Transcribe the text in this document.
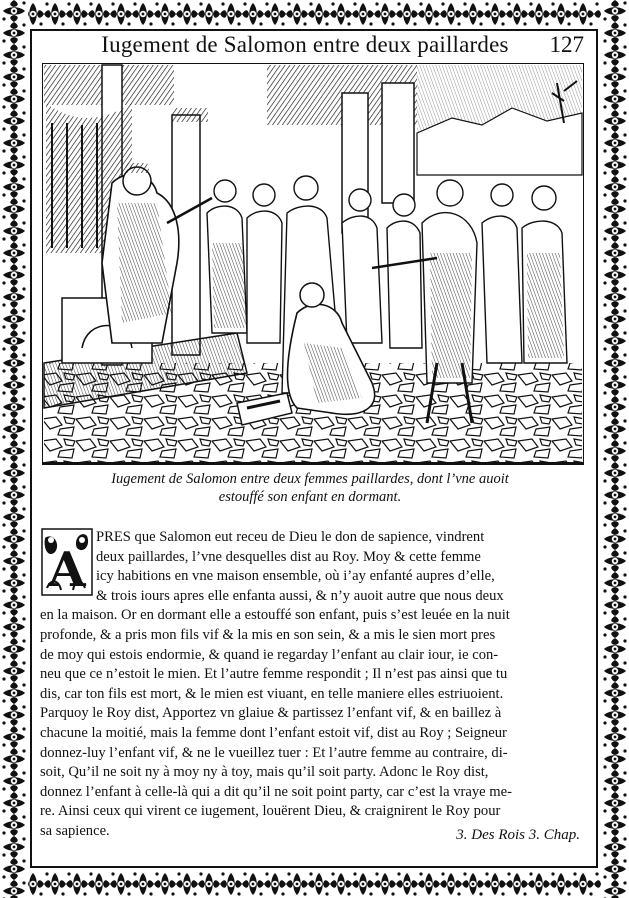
Iugement de Salomon entre deux paillardes	127
Iugement de Salomon entre deux femmes paillardes, dont l’vne auoit
estouffé son enfant en dormant.
A
PRES que Salomon eut receu de Dieu le don de sapience, vindrent
deux paillardes, l’vne desquelles dist au Roy. Moy & cette femme
icy habitions en vne maison ensemble, où i’ay enfanté aupres d’elle,
& trois iours apres elle enfanta aussi, & n’y auoit autre que nous deux
en la maison. Or en dormant elle a estouffé son enfant, puis s’est leuée en la nuit
profonde, & a pris mon fils vif & la mis en son sein, & a mis le sien mort pres
de moy qui estois endormie, & quand ie regarday l’enfant au clair iour, ie con-
neu que ce n’estoit le mien. Et l’autre femme respondit ; Il n’est pas ainsi que tu
dis, car ton fils est mort, & le mien est viuant, en telle maniere elles estriuoient.
Parquoy le Roy dist, Apportez vn glaiue & partissez l’enfant vif, & en baillez à
chacune la moitié, mais la femme dont l’enfant estoit vif, dist au Roy ; Seigneur
donnez-luy l’enfant vif, & ne le vueillez tuer : Et l’autre femme au contraire, di-
soit, Qu’il ne soit ny à moy ny à toy, mais qu’il soit party. Adonc le Roy dist,
donnez l’enfant à celle-là qui a dit qu’il ne soit point party, car c’est la vraye me-
re. Ainsi ceux qui virent ce iugement, louërent Dieu, & craignirent le Roy pour
sa sapience.	3. Des Rois 3. Chap.
